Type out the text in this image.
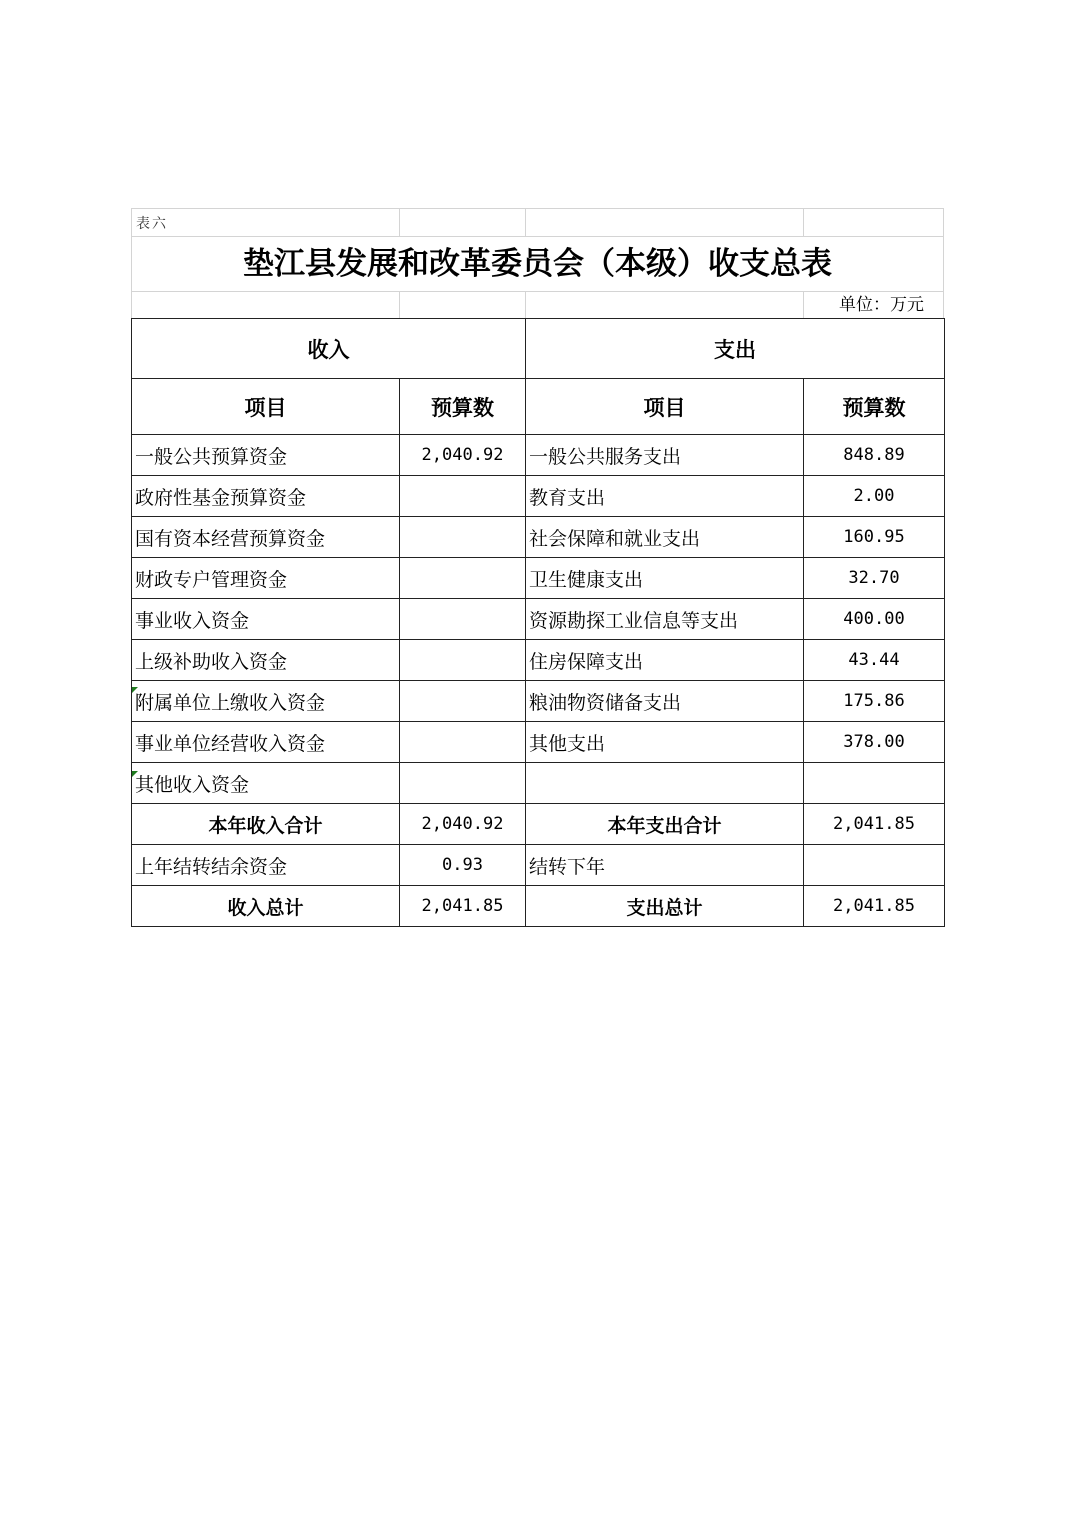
表六
垫江县发展和改革委员会（本级）收支总表
单位：万元
收入		支出	
项目	预算数	项目	预算数
一般公共预算资金	2,040.92	一般公共服务支出	848.89
政府性基金预算资金		教育支出	2.00
国有资本经营预算资金		社会保障和就业支出	160.95
财政专户管理资金		卫生健康支出	32.70
事业收入资金		资源勘探工业信息等支出	400.00
上级补助收入资金		住房保障支出	43.44
附属单位上缴收入资金		粮油物资储备支出	175.86
事业单位经营收入资金		其他支出	378.00
其他收入资金			
本年收入合计	2,040.92	本年支出合计	2,041.85
上年结转结余资金	0.93	结转下年	
收入总计	2,041.85	支出总计	2,041.85
